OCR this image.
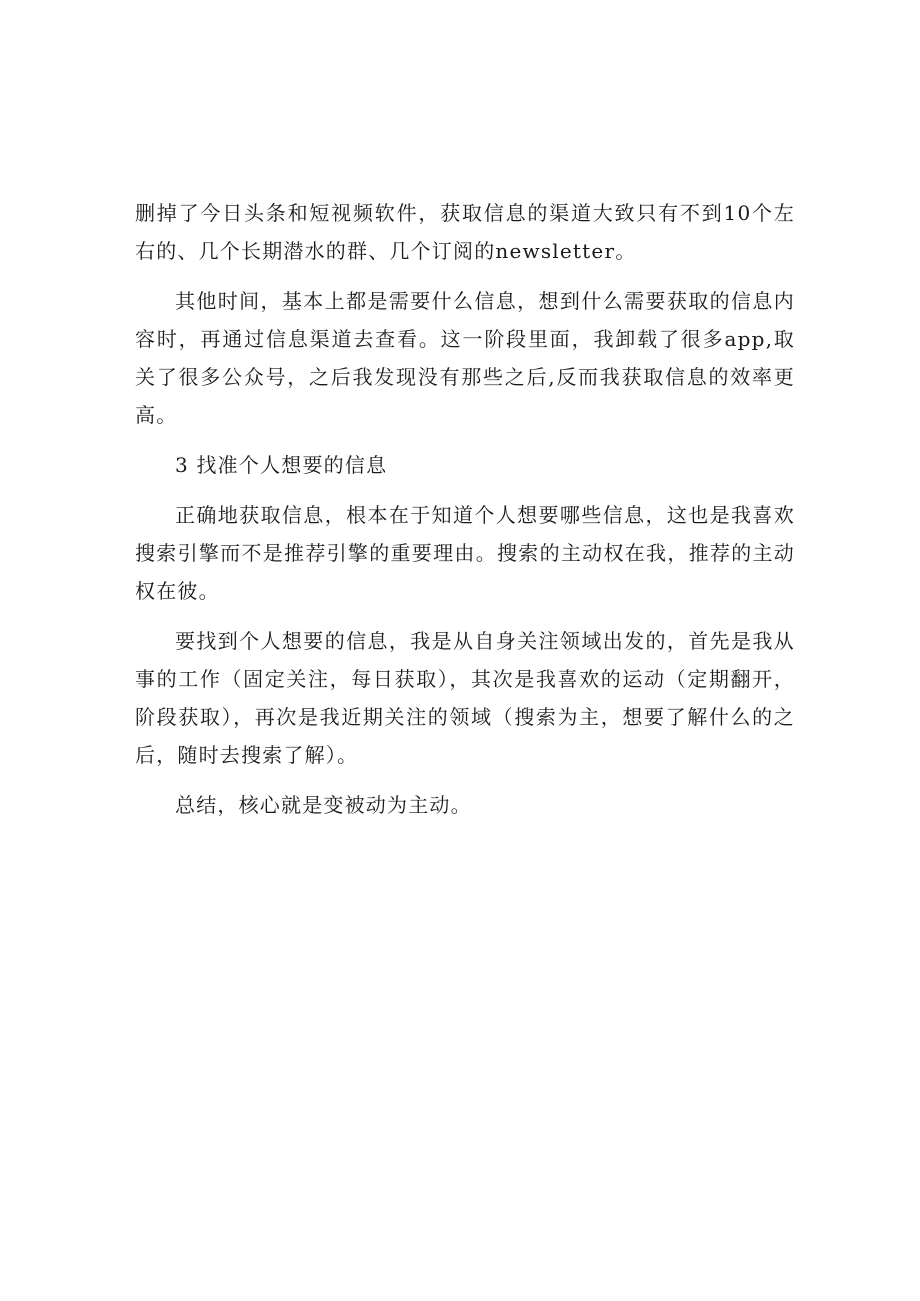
删掉了今日头条和短视频软件，获取信息的渠道大致只有不到10个左右的、几个长期潜水的群、几个订阅的newsletter。

其他时间，基本上都是需要什么信息，想到什么需要获取的信息内容时，再通过信息渠道去查看。这一阶段里面，我卸载了很多app,取关了很多公众号，之后我发现没有那些之后,反而我获取信息的效率更高。

3 找准个人想要的信息

正确地获取信息，根本在于知道个人想要哪些信息，这也是我喜欢搜索引擎而不是推荐引擎的重要理由。搜索的主动权在我，推荐的主动权在彼。

要找到个人想要的信息，我是从自身关注领域出发的，首先是我从事的工作（固定关注，每日获取），其次是我喜欢的运动（定期翻开，阶段获取），再次是我近期关注的领域（搜索为主，想要了解什么的之后，随时去搜索了解）。

总结，核心就是变被动为主动。
